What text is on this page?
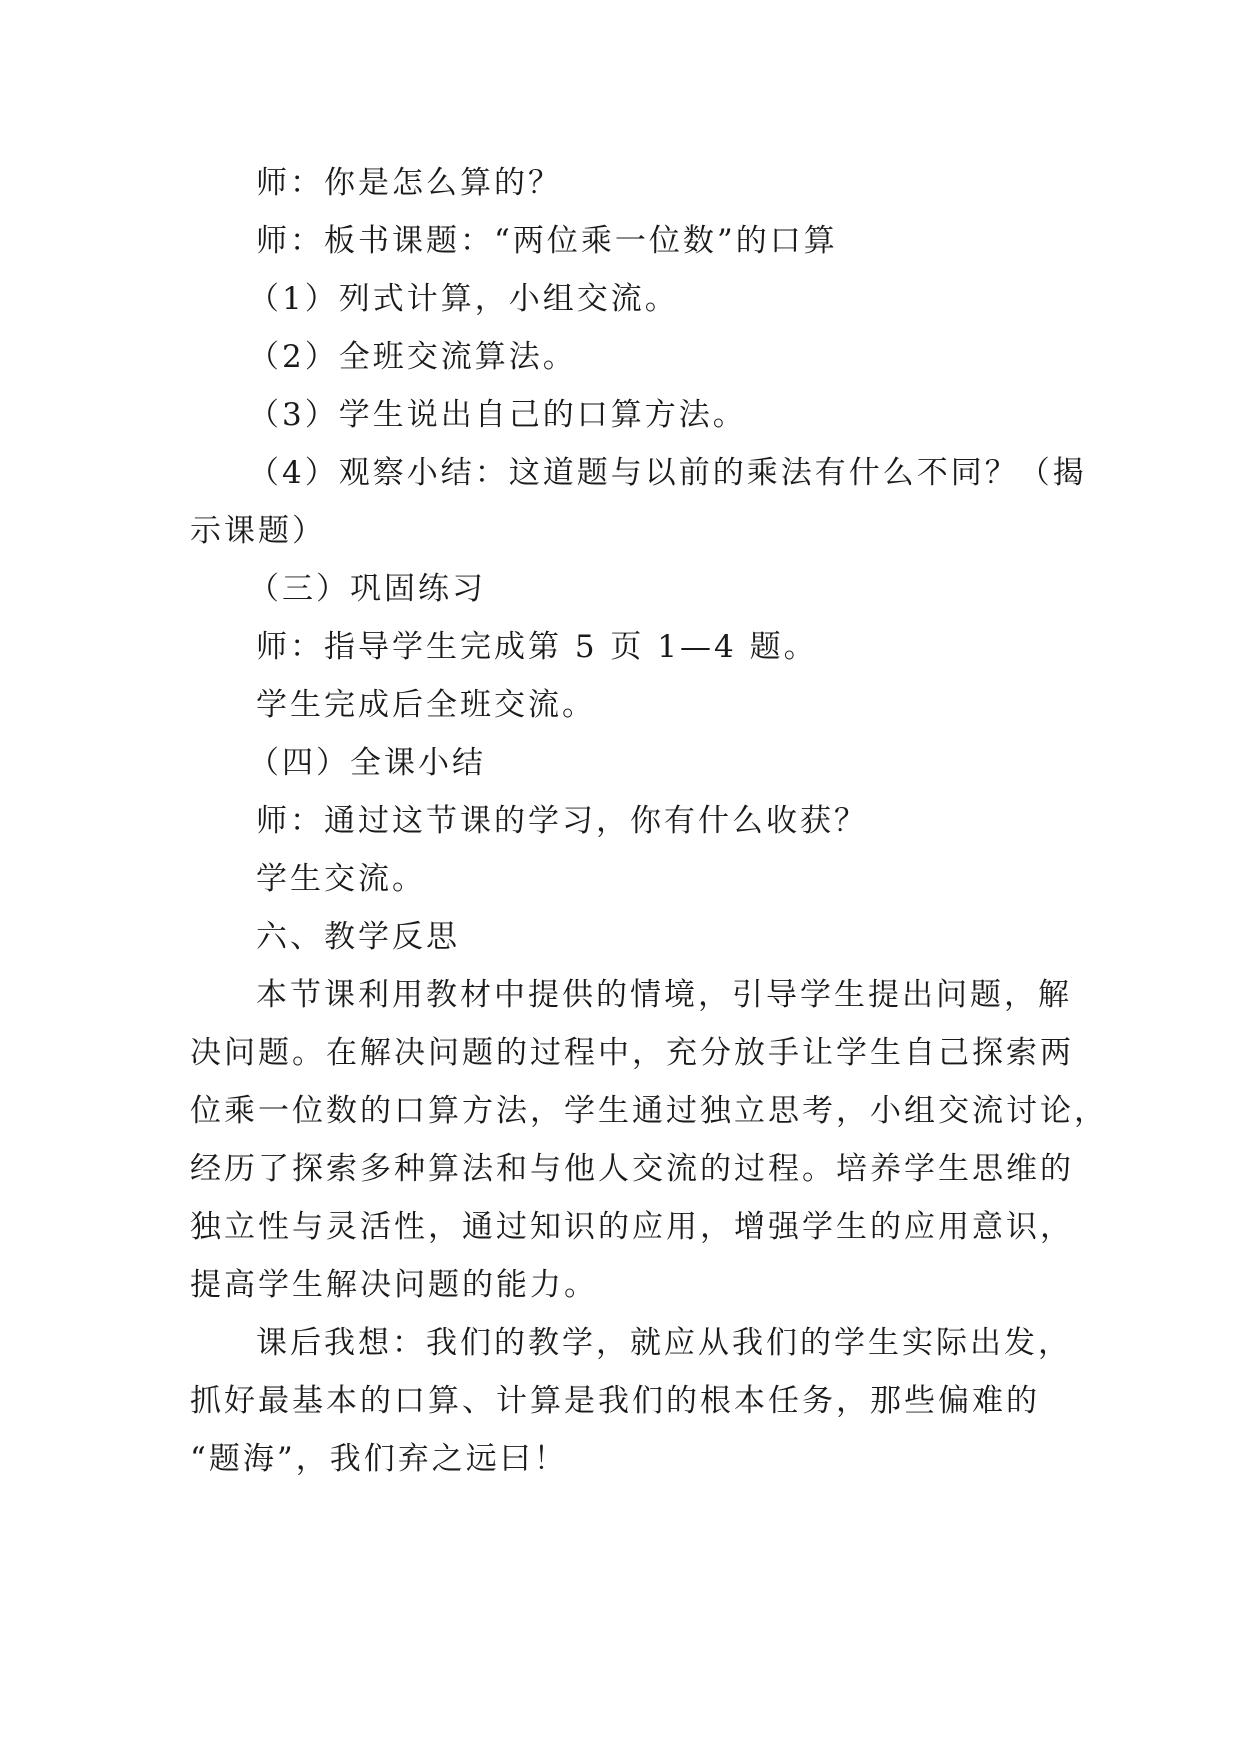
师：你是怎么算的？
师：板书课题：“两位乘一位数”的口算
（1）列式计算，小组交流。
（2）全班交流算法。
（3）学生说出自己的口算方法。
（4）观察小结：这道题与以前的乘法有什么不同？（揭
示课题）
（三）巩固练习
师：指导学生完成第 5 页 1—4 题。
学生完成后全班交流。
（四）全课小结
师：通过这节课的学习，你有什么收获？
学生交流。
六、教学反思
本节课利用教材中提供的情境，引导学生提出问题，解
决问题。在解决问题的过程中，充分放手让学生自己探索两
位乘一位数的口算方法，学生通过独立思考，小组交流讨论，
经历了探索多种算法和与他人交流的过程。培养学生思维的
独立性与灵活性，通过知识的应用，增强学生的应用意识，
提高学生解决问题的能力。
课后我想：我们的教学，就应从我们的学生实际出发，
抓好最基本的口算、计算是我们的根本任务，那些偏难的
“题海”，我们弃之远曰！
